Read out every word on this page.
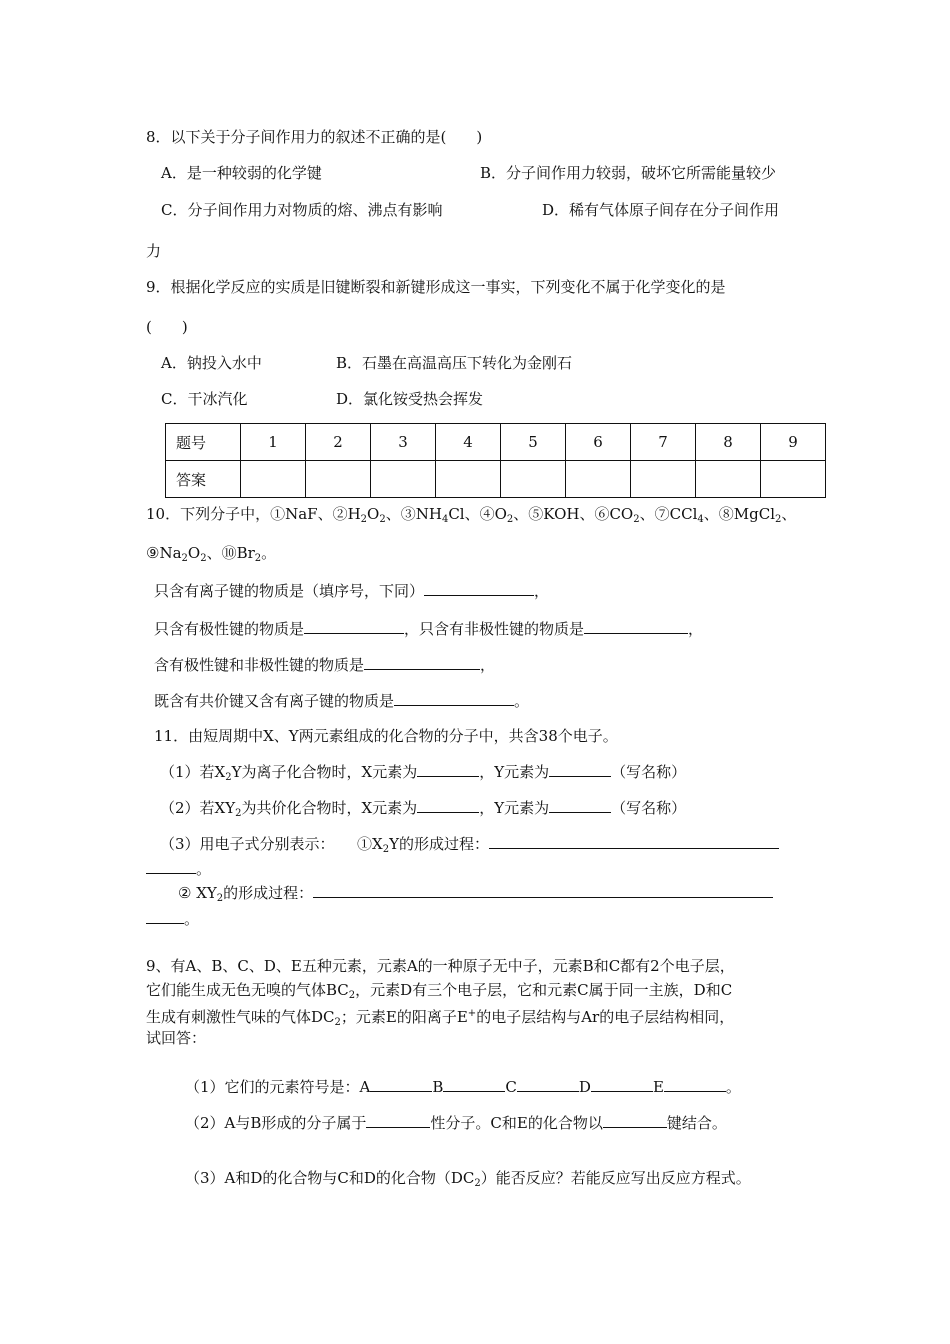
8．以下关于分子间作用力的叙述不正确的是(　　)
A．是一种较弱的化学键	B．分子间作用力较弱，破坏它所需能量较少
C．分子间作用力对物质的熔、沸点有影响	D．稀有气体原子间存在分子间作用
力
9．根据化学反应的实质是旧键断裂和新键形成这一事实，下列变化不属于化学变化的是
(　　)
A．钠投入水中	B．石墨在高温高压下转化为金刚石
C．干冰汽化	D．氯化铵受热会挥发
题号	1	2	3	4	5	6	7	8	9
答案									
10．下列分子中，①NaF、$②H_2O_2$、$③NH_4Cl$、$④O_2$、⑤KOH、$⑥CO_2$、⑦CCl$_4$、⑧MgCl$_2$、
$⑨Na_2O_2$、$⑩Br_2$。
只含有离子键的物质是（填序号，下同）	，
只含有极性键的物质是	，只含有非极性键的物质是	，
含有极性键和非极性键的物质是	，
既含有共价键又含有离子键的物质是	。
11．由短周期中X、Y两元素组成的化合物的分子中，共含38个电子。
（1）若$X_2Y$为离子化合物时，X元素为	，Y元素为	（写名称）
（2）若$XY_2$为共价化合物时，X元素为	，Y元素为	（写名称）
（3）用电子式分别表示：　　$①X_2Y$的形成过程：
。
② $XY_2$的形成过程：
。
9、有A、B、C、D、E五种元素，元素A的一种原子无中子，元素B和C都有2个电子层，
它们能生成无色无嗅的气体$BC_2$，元素D有三个电子层，它和元素C属于同一主族，D和C
生成有刺激性气味的气体$DC_2$；元素E的阳离子E+的电子层结构与Ar的电子层结构相同，
试回答：
（1）它们的元素符号是：A	B	C	D	E	。
（2）A与B形成的分子属于	性分子。C和E的化合物以	键结合。
（3）A和D的化合物与C和D的化合物$(DC_2)$能否反应？若能反应写出反应方程式。
